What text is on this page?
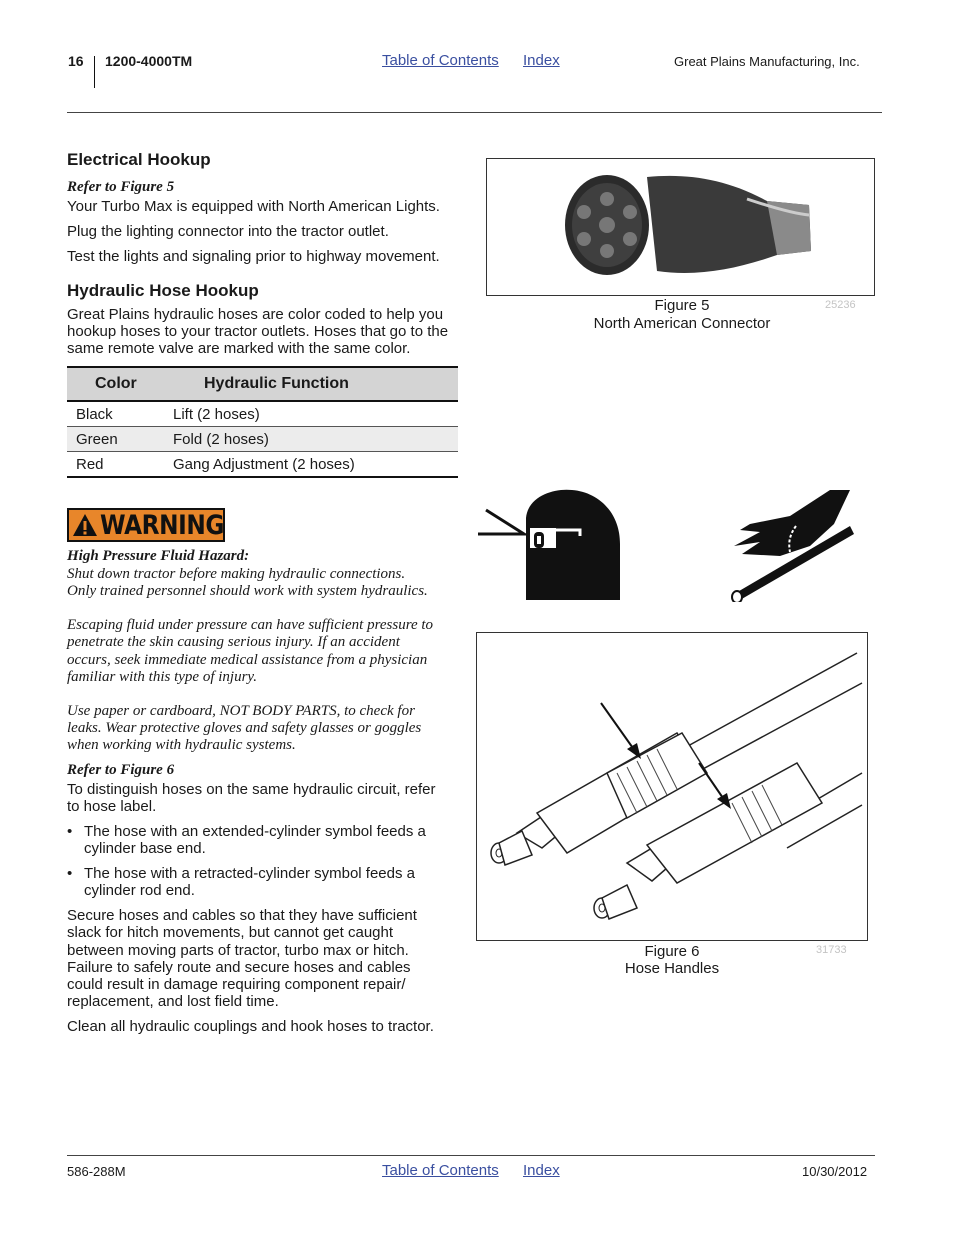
16 1200-4000TM	Table of Contents Index	Great Plains Manufacturing, Inc.
Electrical Hookup
Refer to Figure 5
Your Turbo Max is equipped with North American Lights.
Plug the lighting connector into the tractor outlet.
Test the lights and signaling prior to highway movement.
Hydraulic Hose Hookup
Great Plains hydraulic hoses are color coded to help you
hookup hoses to your tractor outlets. Hoses that go to the
same remote valve are marked with the same color.
Color	Hydraulic Function
Black	Lift (2 hoses)
Green	Fold (2 hoses)
Red	Gang Adjustment (2 hoses)
WARNING
High Pressure Fluid Hazard:
Shut down tractor before making hydraulic connections.
Only trained personnel should work with system hydraulics.
Escaping fluid under pressure can have sufficient pressure to
penetrate the skin causing serious injury. If an accident
occurs, seek immediate medical assistance from a physician
familiar with this type of injury.
Use paper or cardboard, NOT BODY PARTS, to check for
leaks. Wear protective gloves and safety glasses or goggles
when working with hydraulic systems.
Refer to Figure 6
To distinguish hoses on the same hydraulic circuit, refer
to hose label.
• The hose with an extended-cylinder symbol feeds a
cylinder base end.
• The hose with a retracted-cylinder symbol feeds a
cylinder rod end.
Secure hoses and cables so that they have sufficient
slack for hitch movements, but cannot get caught
between moving parts of tractor, turbo max or hitch.
Failure to safely route and secure hoses and cables
could result in damage requiring component repair/
replacement, and lost field time.
Clean all hydraulic couplings and hook hoses to tractor.
Figure 5
North American Connector
25236
Figure 6
Hose Handles
31733
586-288M	Table of Contents Index	10/30/2012
